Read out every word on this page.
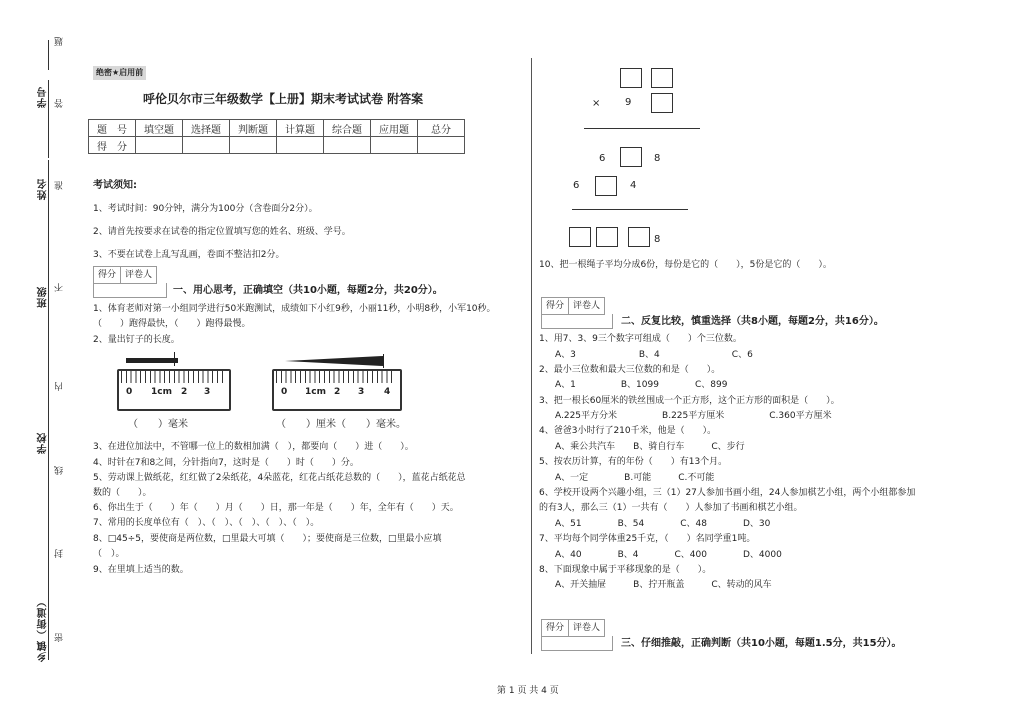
题
学号 答
姓名 准
班级 不
内
学校
线
封
乡镇（街道） 密
绝密★启用前
呼伦贝尔市三年级数学【上册】期末考试试卷 附答案
题　号	填空题	选择题	判断题	计算题	综合题	应用题	总分
得　分							
考试须知:
1、考试时间：90分钟，满分为100分（含卷面分2分）。
2、请首先按要求在试卷的指定位置填写您的姓名、班级、学号。
3、不要在试卷上乱写乱画，卷面不整洁扣2分。
得分	评卷人
一、用心思考，正确填空（共10小题，每题2分，共20分）。
1、体育老师对第一小组同学进行50米跑测试，成绩如下小红9秒，小丽11秒，小明8秒，小军10秒。
（　　）跑得最快，（　　）跑得最慢。
2、量出钉子的长度。
0 1cm 2 3	0 1cm 2 3 4
（　　）毫米	（　　）厘米（　　）毫米。
3、在进位加法中，不管哪一位上的数相加满（　），都要向（　　）进（　　）。
4、时针在7和8之间，分针指向7，这时是（　　）时（　　）分。
5、劳动课上做纸花，红红做了2朵纸花，4朵蓝花，红花占纸花总数的（　　），蓝花占纸花总
数的（　　）。
6、你出生于（　　）年（　　）月（　　）日，那一年是（　　）年，全年有（　　）天。
7、常用的长度单位有（　）、（　）、（　）、（　）、（　）。
8、□45÷5，要使商是两位数，□里最大可填（　　）；要使商是三位数，□里最小应填
（　）。
9、在里填上适当的数。
× 9
6	8
6	4
8
10、把一根绳子平均分成6份，每份是它的（　　），5份是它的（　　）。
得分	评卷人
二、反复比较，慎重选择（共8小题，每题2分，共16分）。
1、用7、3、9三个数字可组成（　　）个三位数。
A、3　　　　　　　B、4　　　　　　　　C、6
2、最小三位数和最大三位数的和是（　　）。
A、1　　　　　B、1099　　　　C、899
3、把一根长60厘米的铁丝围成一个正方形，这个正方形的面积是（　　）。
A.225平方分米　　　　　B.225平方厘米　　　　　C.360平方厘米
4、爸爸3小时行了210千米，他是（　　）。
A、乘公共汽车　　B、骑自行车　　　C、步行
5、按农历计算，有的年份（　　）有13个月。
A、一定　　　　B.可能　　　C.不可能
6、学校开设两个兴趣小组，三（1）27人参加书画小组，24人参加棋艺小组，两个小组都参加
的有3人，那么三（1）一共有（　　）人参加了书画和棋艺小组。
A、51　　　　B、54　　　　C、48　　　　D、30
7、平均每个同学体重25千克，（　　）名同学重1吨。
A、40　　　　B、4　　　　C、400　　　　D、4000
8、下面现象中属于平移现象的是（　　）。
A、开关抽屉　　　B、拧开瓶盖　　　C、转动的风车
得分	评卷人
三、仔细推敲，正确判断（共10小题，每题1.5分，共15分）。
第 1 页 共 4 页
